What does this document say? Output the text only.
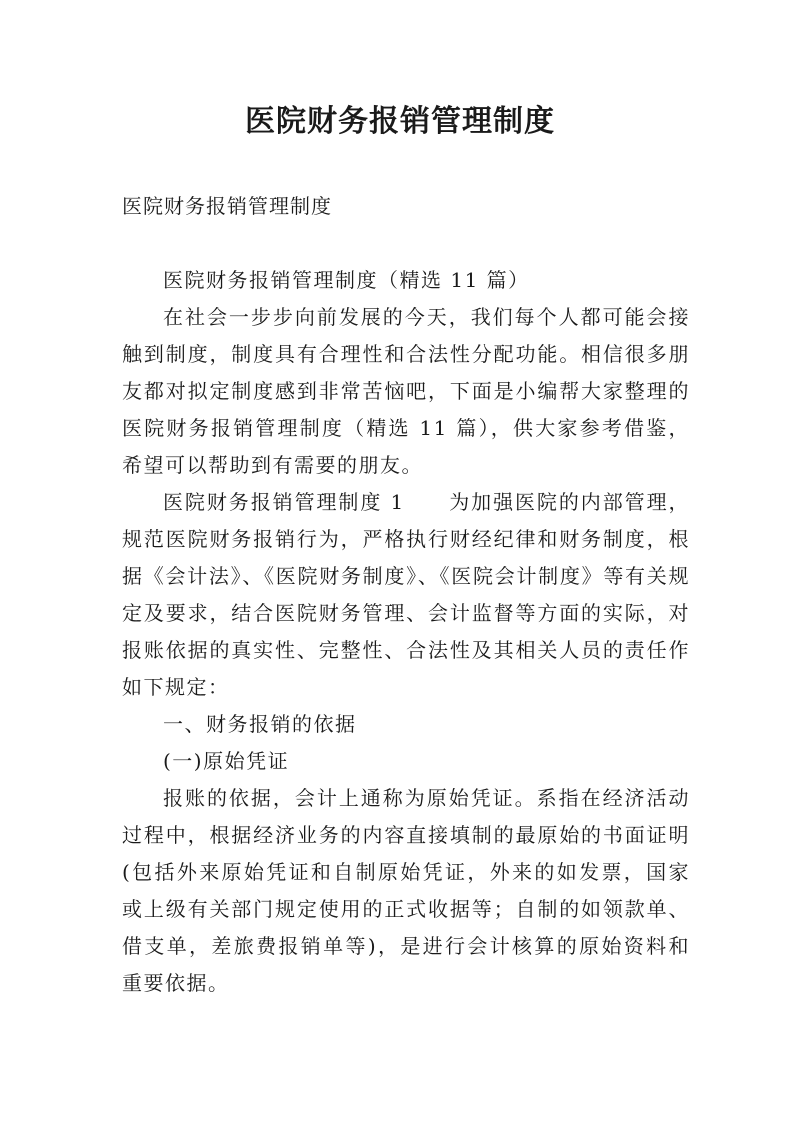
医院财务报销管理制度
医院财务报销管理制度

医院财务报销管理制度（精选 11 篇）

在社会一步步向前发展的今天，我们每个人都可能会接触到制度，制度具有合理性和合法性分配功能。相信很多朋友都对拟定制度感到非常苦恼吧，下面是小编帮大家整理的医院财务报销管理制度（精选 11 篇），供大家参考借鉴，希望可以帮助到有需要的朋友。

医院财务报销管理制度 1 为加强医院的内部管理，规范医院财务报销行为，严格执行财经纪律和财务制度，根据《会计法》、《医院财务制度》、《医院会计制度》等有关规定及要求，结合医院财务管理、会计监督等方面的实际，对报账依据的真实性、完整性、合法性及其相关人员的责任作如下规定：

一、财务报销的依据

(一)原始凭证

报账的依据，会计上通称为原始凭证。系指在经济活动过程中，根据经济业务的内容直接填制的最原始的书面证明(包括外来原始凭证和自制原始凭证，外来的如发票，国家或上级有关部门规定使用的正式收据等；自制的如领款单、借支单，差旅费报销单等)，是进行会计核算的原始资料和重要依据。
